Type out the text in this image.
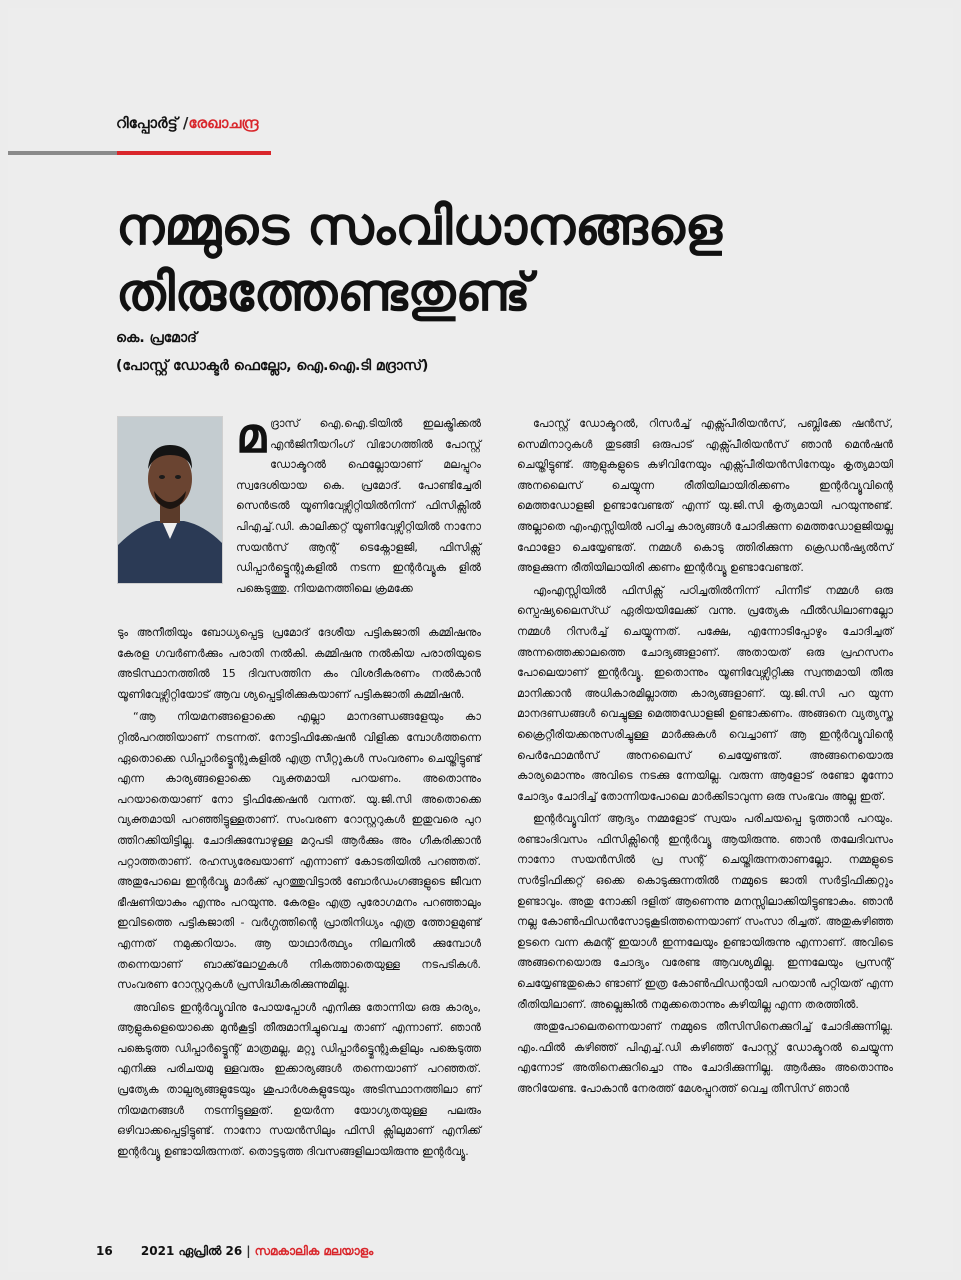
റിപ്പോര്‍ട്ട് /രേഖാചന്ദ്ര
നമ്മുടെ സംവിധാനങ്ങളെ
തിരുത്തേണ്ടതുണ്ട്
കെ. പ്രമോദ്
(പോസ്റ്റ് ഡോക്ടര്‍ ഫെല്ലോ, ഐ.ഐ.ടി മദ്രാസ്)
മ ദ്രാസ് ഐ.ഐ.ടിയില്‍ ഇലക്ട്രിക്കല്‍ എന്‍ജിനീയറിംഗ് വിഭാഗത്തില്‍ പോസ്റ്റ് ഡോക്ടറല്‍ ഫെല്ലോയാണ് മലപ്പുറം സ്വദേശിയായ കെ. പ്രമോദ്. പോണ്ടിച്ചേരി സെന്‍ട്രല്‍ യൂണിവേഴ്സിറ്റിയില്‍നിന്ന് ഫിസിക്സില്‍ പിഎച്ച്.ഡി. കാലിക്കറ്റ് യൂണിവേഴ്സിറ്റിയില്‍ നാനോ സയന്‍സ് ആന്റ് ടെക്നോളജി, ഫിസിക്സ് ഡിപ്പാര്‍ട്ട്മെന്റുകളില്‍ നടന്ന ഇന്റര്‍വ്യൂക ളില്‍ പങ്കെടുത്തു. നിയമനത്തിലെ ക്രമക്കേ

ടും അനീതിയും ബോധ്യപ്പെട്ട പ്രമോദ് ദേശീയ പട്ടികജാതി കമ്മിഷനും കേരള ഗവര്‍ണര്‍ക്കും പരാതി നല്‍കി. കമ്മിഷനു നല്‍കിയ പരാതിയുടെ അടിസ്ഥാനത്തില്‍ 15 ദിവസത്തിന കം വിശദീകരണം നല്‍കാന്‍ യൂണിവേഴ്സിറ്റിയോട് ആവ ശ്യപ്പെട്ടിരിക്കുകയാണ് പട്ടികജാതി കമ്മിഷന്‍.

“ആ നിയമനങ്ങളൊക്കെ എല്ലാ മാനദണ്ഡങ്ങളേയും കാ റ്റില്‍പറത്തിയാണ് നടന്നത്. നോട്ടിഫിക്കേഷന്‍ വിളിക്ക മ്പോള്‍ത്തന്നെ ഏതൊക്കെ ഡിപ്പാര്‍ട്ട്മെന്റുകളില്‍ എത്ര സീറ്റുകള്‍ സംവരണം ചെയ്തിട്ടുണ്ട് എന്ന കാര്യങ്ങളൊക്കെ വ്യക്തമായി പറയണം. അതൊന്നും പറയാതെയാണ് നോ ട്ടിഫിക്കേഷന്‍ വന്നത്. യു.ജി.സി അതൊക്കെ വ്യക്തമായി പറഞ്ഞിട്ടുള്ളതാണ്. സംവരണ റോസ്റ്ററുകള്‍ ഇതുവരെ പുറ ത്തിറക്കിയിട്ടില്ല. ചോദിക്കുമ്പോഴുള്ള മറുപടി ആര്‍ക്കും അം ഗീകരിക്കാന്‍ പറ്റാത്തതാണ്. രഹസ്യരേഖയാണ് എന്നാണ് കോടതിയില്‍ പറഞ്ഞത്. അതുപോലെ ഇന്റര്‍വ്യൂ മാര്‍ക്ക് പുറത്തുവിട്ടാല്‍ ബോര്‍ഡംഗങ്ങളുടെ ജീവന ഭീഷണിയാകും എന്നും പറയുന്നു. കേരളം എത്ര പുരോഗമനം പറഞ്ഞാലും ഇവിടത്തെ പട്ടികജാതി - വര്‍ഗ്ഗത്തിന്റെ പ്രാതിനിധ്യം എത്ര ത്തോളമുണ്ട് എന്നത് നമുക്കറിയാം. ആ യാഥാര്‍ത്ഥ്യം നിലനില്‍ ക്കുമ്പോള്‍ തന്നെയാണ് ബാക്ക്‌ലോഗുകള്‍ നികത്താതെയുള്ള നടപടികള്‍. സംവരണ റോസ്റ്ററുകള്‍ പ്രസിദ്ധീകരിക്കുന്നുമില്ല.

അവിടെ ഇന്റര്‍വ്യൂവിനു പോയപ്പോള്‍ എനിക്കു തോന്നിയ ഒരു കാര്യം, ആളുകളെയൊക്കെ മുന്‍കൂട്ടി തീരുമാനിച്ചുവെച്ച താണ് എന്നാണ്. ഞാന്‍ പങ്കെടുത്ത ഡിപ്പാര്‍ട്ട്മെന്റ് മാത്രമല്ല, മറ്റു ഡിപ്പാര്‍ട്ട്മെന്റുകളിലും പങ്കെടുത്ത എനിക്കു പരിചയമു ള്ളവരും ഇക്കാര്യങ്ങള്‍ തന്നെയാണ് പറഞ്ഞത്. പ്രത്യേക താല്പര്യങ്ങളുടേയും ശുപാര്‍ശകളുടേയും അടിസ്ഥാനത്തിലാ ണ് നിയമനങ്ങള്‍ നടന്നിട്ടുള്ളത്. ഉയര്‍ന്ന യോഗ്യതയുള്ള പലരും ഒഴിവാക്കപ്പെട്ടിട്ടുണ്ട്. നാനോ സയന്‍സിലും ഫിസി ക്സിലുമാണ് എനിക്ക് ഇന്റര്‍വ്യൂ ഉണ്ടായിരുന്നത്. തൊട്ടടുത്ത ദിവസങ്ങളിലായിരുന്നു ഇന്റര്‍വ്യൂ.

പോസ്റ്റ് ഡോക്ടറല്‍, റിസര്‍ച്ച് എക്സ്പീരിയന്‍സ്, പബ്ലിക്കേ ഷന്‍സ്, സെമിനാറുകള്‍ തുടങ്ങി ഒരുപാട് എക്സ്പീരിയന്‍സ് ഞാന്‍ മെന്‍ഷന്‍ ചെയ്തിട്ടുണ്ട്. ആളുകളുടെ കഴിവിനേയും എക്സ്പീരിയന്‍സിനേയും കൃത്യമായി അനലൈസ് ചെയ്യുന്ന രീതിയിലായിരിക്കണം ഇന്റര്‍വ്യൂവിന്റെ മെത്തഡോളജി ഉണ്ടാവേണ്ടത് എന്ന് യു.ജി.സി കൃത്യമായി പറയുന്നുണ്ട്. അല്ലാതെ എംഎസ്സിയില്‍ പഠിച്ച കാര്യങ്ങള്‍ ചോദിക്കുന്ന മെത്തഡോളജിയല്ല ഫോളോ ചെയ്യേണ്ടത്. നമ്മള്‍ കൊടു ത്തിരിക്കുന്ന ക്രെഡന്‍ഷ്യല്‍സ് അളക്കുന്ന രീതിയിലായിരി ക്കണം ഇന്റര്‍വ്യൂ ഉണ്ടാവേണ്ടത്.

എംഎസ്സിയില്‍ ഫിസിക്സ് പഠിച്ചതില്‍നിന്ന് പിന്നീട് നമ്മള്‍ ഒരു സ്പെഷ്യലൈസ്ഡ് ഏരിയയിലേക്ക് വന്നു. പ്രത്യേക ഫീല്‍ഡിലാണല്ലോ നമ്മള്‍ റിസര്‍ച്ച് ചെയ്യുന്നത്. പക്ഷേ, എന്നോടിപ്പോഴും ചോദിച്ചത് അന്നത്തെക്കാലത്തെ ചോദ്യങ്ങളാണ്. അതായത് ഒരു പ്രഹസനം പോലെയാണ് ഇന്റര്‍വ്യൂ. ഇതൊന്നും യൂണിവേഴ്സിറ്റിക്കു സ്വന്തമായി തീരു മാനിക്കാന്‍ അധികാരമില്ലാത്ത കാര്യങ്ങളാണ്. യു.ജി.സി പറ യുന്ന മാനദണ്ഡങ്ങള്‍ വെച്ചുള്ള മെത്തഡോളജി ഉണ്ടാക്കണം. അങ്ങനെ വ്യത്യസ്ത ക്രൈറ്റീരിയക്കനുസരിച്ചുള്ള മാര്‍ക്കുകള്‍ വെച്ചാണ് ആ ഇന്റര്‍വ്യൂവിന്റെ പെര്‍ഫോമന്‍സ് അനലൈസ് ചെയ്യേണ്ടത്. അങ്ങനെയൊരു കാര്യമൊന്നും അവിടെ നടക്കു ന്നേയില്ല. വരുന്ന ആളോട് രണ്ടോ മൂന്നോ ചോദ്യം ചോദിച്ച് തോന്നിയപോലെ മാര്‍ക്കിടാവുന്ന ഒരു സംഭവം അല്ല ഇത്.

ഇന്റര്‍വ്യൂവിന് ആദ്യം നമ്മളോട് സ്വയം പരിചയപ്പെ ടുത്താന്‍ പറയും. രണ്ടാംദിവസം ഫിസിക്സിന്റെ ഇന്റര്‍വ്യൂ ആയിരുന്നു. ഞാന്‍ തലേദിവസം നാനോ സയന്‍സില്‍ പ്ര സന്റ് ചെയ്തിരുന്നതാണല്ലോ. നമ്മളുടെ സര്‍ട്ടിഫിക്കറ്റ് ഒക്കെ കൊടുക്കുന്നതില്‍ നമ്മുടെ ജാതി സര്‍ട്ടിഫിക്കറ്റും ഉണ്ടാവും. അതു നോക്കി ദളിത് ആണെന്നു മനസ്സിലാക്കിയിട്ടുണ്ടാകും. ഞാന്‍ നല്ല കോണ്‍ഫിഡന്‍സോടുകൂടിത്തന്നെയാണ് സംസാ രിച്ചത്. അതുകഴിഞ്ഞ ഉടനെ വന്ന കമന്റ് ഇയാള്‍ ഇന്നലേയും ഉണ്ടായിരുന്നു എന്നാണ്. അവിടെ അങ്ങനെയൊരു ചോദ്യം വരേണ്ട ആവശ്യമില്ല. ഇന്നലേയും പ്രസന്റ് ചെയ്യേണ്ടതുകൊ ണ്ടാണ് ഇത്ര കോണ്‍ഫിഡന്റായി പറയാന്‍ പറ്റിയത് എന്ന രീതിയിലാണ്. അല്ലെങ്കില്‍ നമുക്കതൊന്നും കഴിയില്ല എന്ന തരത്തില്‍.

അതുപോലെതന്നെയാണ് നമ്മുടെ തീസിസിനെക്കുറിച്ച് ചോദിക്കുന്നില്ല. എം.ഫില്‍ കഴിഞ്ഞ് പിഎച്ച്.ഡി കഴിഞ്ഞ് പോസ്റ്റ് ഡോക്ടറല്‍ ചെയ്യുന്ന എന്നോട് അതിനെക്കുറിച്ചൊ ന്നും ചോദിക്കുന്നില്ല. ആര്‍ക്കും അതൊന്നും അറിയേണ്ട. പോകാന്‍ നേരത്ത് മേശപ്പുറത്ത് വെച്ച തീസിസ് ഞാന്‍

16 2021 ഏപ്രില്‍ 26 | സമകാലിക മലയാളം
